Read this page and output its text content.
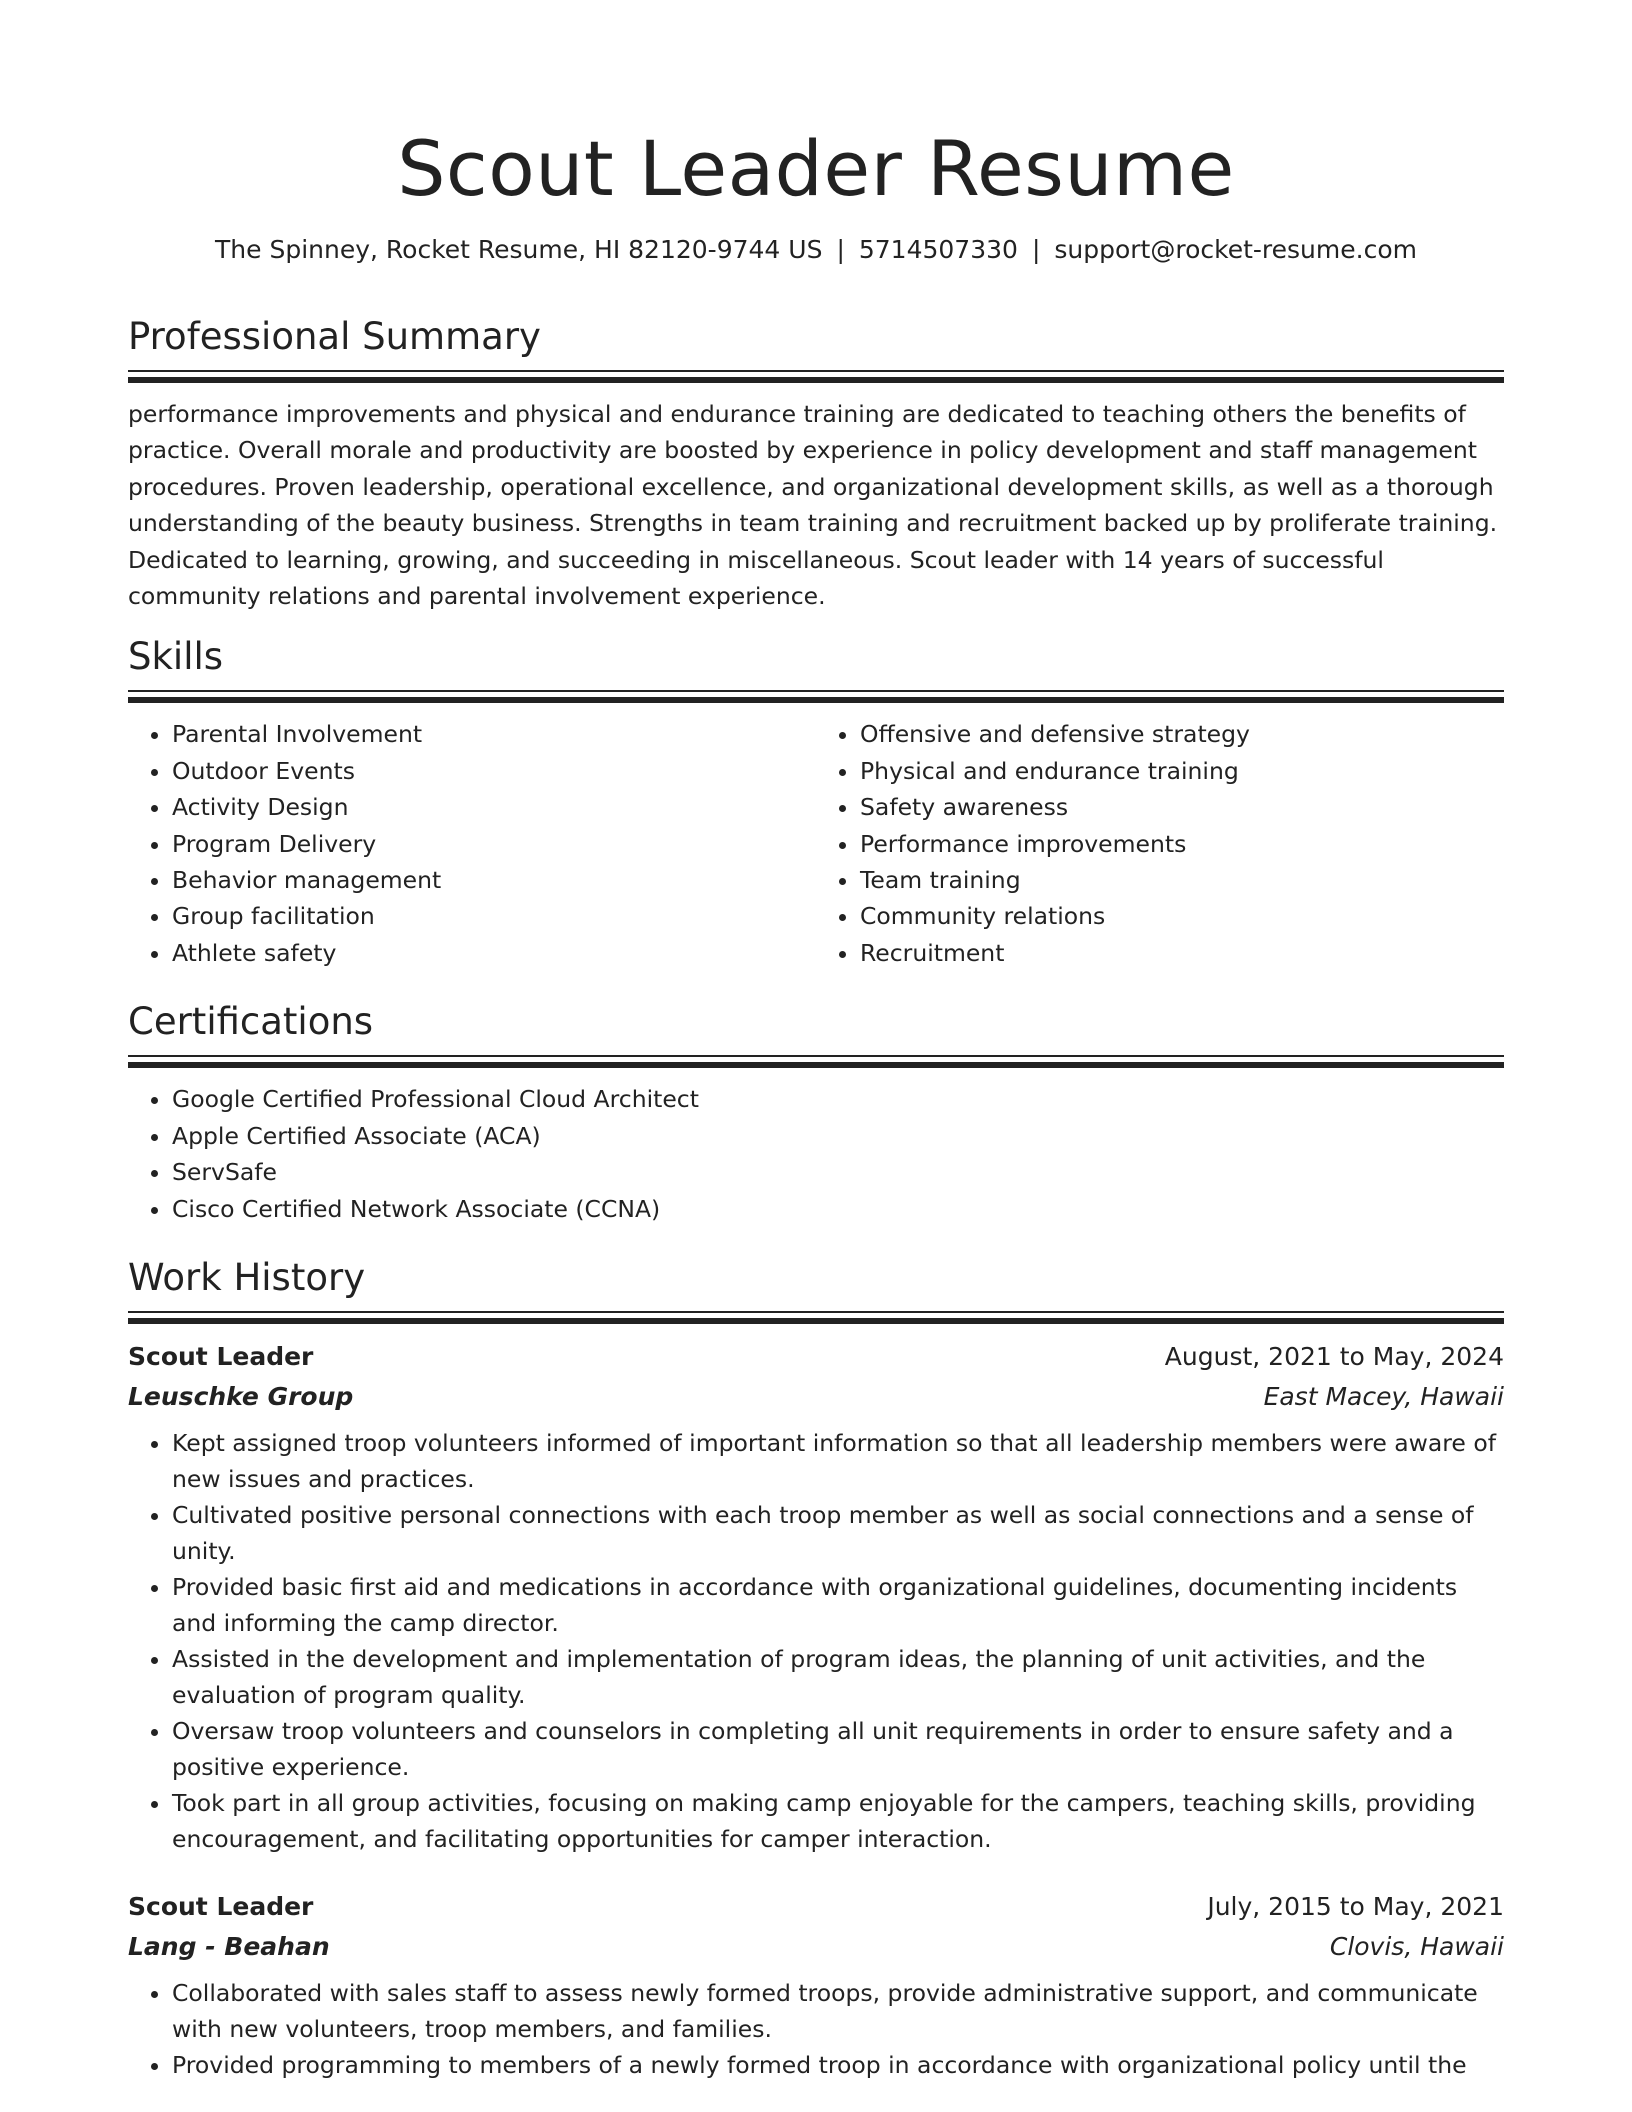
Scout Leader Resume
The Spinney, Rocket Resume, HI 82120-9744 US | 5714507330 | support@rocket-resume.com
Professional Summary

performance improvements and physical and endurance training are dedicated to teaching others the benefits of practice. Overall morale and productivity are boosted by experience in policy development and staff management procedures. Proven leadership, operational excellence, and organizational development skills, as well as a thorough understanding of the beauty business. Strengths in team training and recruitment backed up by proliferate training. Dedicated to learning, growing, and succeeding in miscellaneous. Scout leader with 14 years of successful community relations and parental involvement experience.

Skills
• Parental Involvement
• Outdoor Events
• Activity Design
• Program Delivery
• Behavior management
• Group facilitation
• Athlete safety
• Offensive and defensive strategy
• Physical and endurance training
• Safety awareness
• Performance improvements
• Team training
• Community relations
• Recruitment
Certifications
• Google Certified Professional Cloud Architect
• Apple Certified Associate (ACA)
• ServSafe
• Cisco Certified Network Associate (CCNA)
Work History
Scout Leader	August, 2021 to May, 2024
Leuschke Group	East Macey, Hawaii
• Kept assigned troop volunteers informed of important information so that all leadership members were aware of new issues and practices.
• Cultivated positive personal connections with each troop member as well as social connections and a sense of unity.
• Provided basic first aid and medications in accordance with organizational guidelines, documenting incidents and informing the camp director.
• Assisted in the development and implementation of program ideas, the planning of unit activities, and the evaluation of program quality.
• Oversaw troop volunteers and counselors in completing all unit requirements in order to ensure safety and a positive experience.
• Took part in all group activities, focusing on making camp enjoyable for the campers, teaching skills, providing encouragement, and facilitating opportunities for camper interaction.
Scout Leader	July, 2015 to May, 2021
Lang - Beahan	Clovis, Hawaii
• Collaborated with sales staff to assess newly formed troops, provide administrative support, and communicate with new volunteers, troop members, and families.
• Provided programming to members of a newly formed troop in accordance with organizational policy until the
